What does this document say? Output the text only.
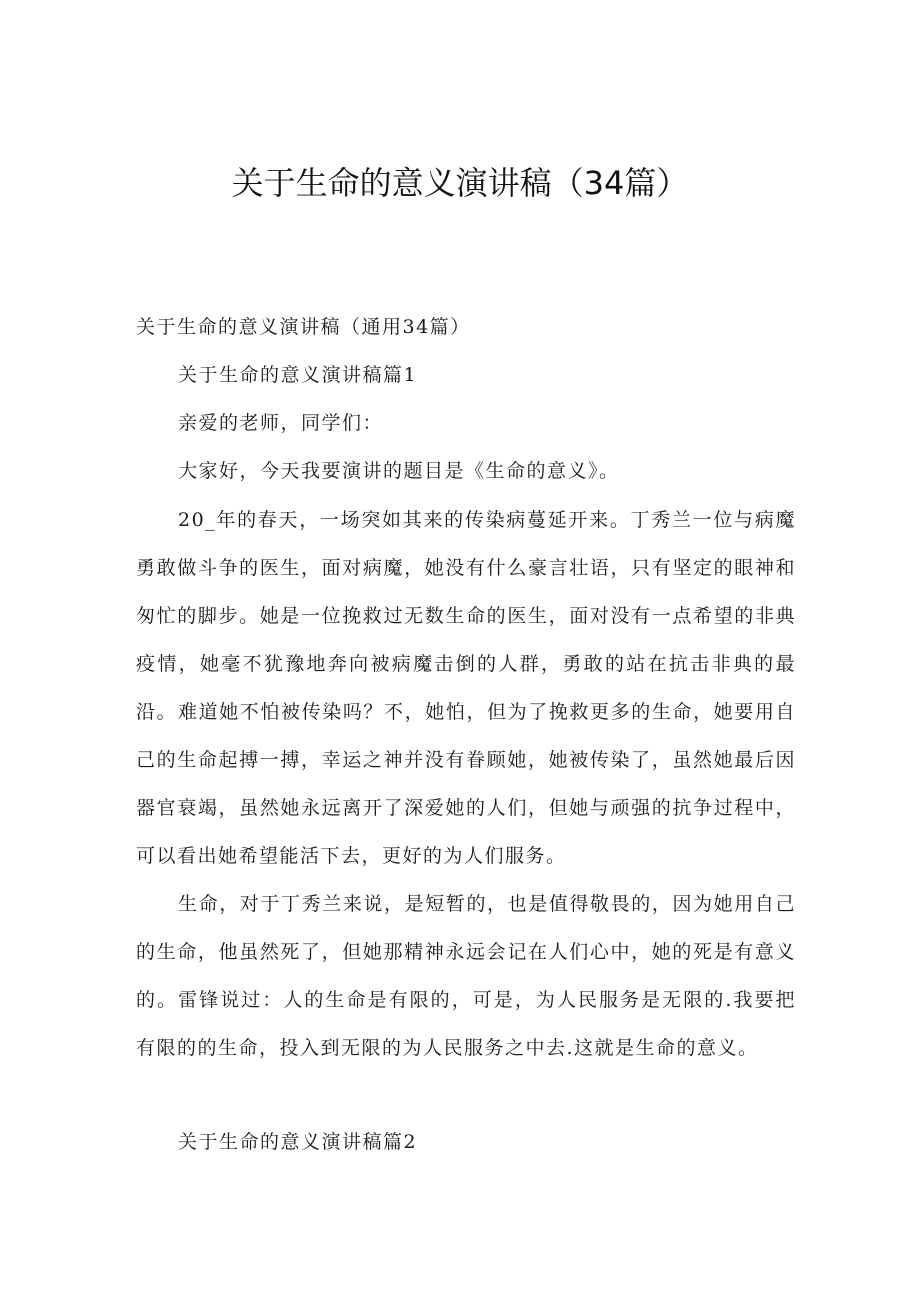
关于生命的意义演讲稿（34篇）

关于生命的意义演讲稿（通用34篇）

关于生命的意义演讲稿篇1

亲爱的老师，同学们：

大家好，今天我要演讲的题目是《生命的意义》。

20_年的春天，一场突如其来的传染病蔓延开来。丁秀兰一位与病魔勇敢做斗争的医生，面对病魔，她没有什么豪言壮语，只有坚定的眼神和匆忙的脚步。她是一位挽救过无数生命的医生，面对没有一点希望的非典疫情，她毫不犹豫地奔向被病魔击倒的人群，勇敢的站在抗击非典的最沿。 难道她不怕被传染吗？不，她怕，但为了挽救更多的生命，她要用自己的生命起搏一搏，幸运之神并没有眷顾她，她被传染了，虽然她最后因器官衰竭，虽然她永远离开了深爱她的人们，但她与顽强的抗争过程中，可以看出她希望能活下去，更好的为人们服务。

生命，对于丁秀兰来说，是短暂的，也是值得敬畏的，因为她用自己的生命，他虽然死了，但她那精神永远会记在人们心中，她的死是有意义的。雷锋说过：人的生命是有限的，可是，为人民服务是无限的.我要把有限的的生命，投入到无限的为人民服务之中去.这就是生命的意义。

关于生命的意义演讲稿篇2
